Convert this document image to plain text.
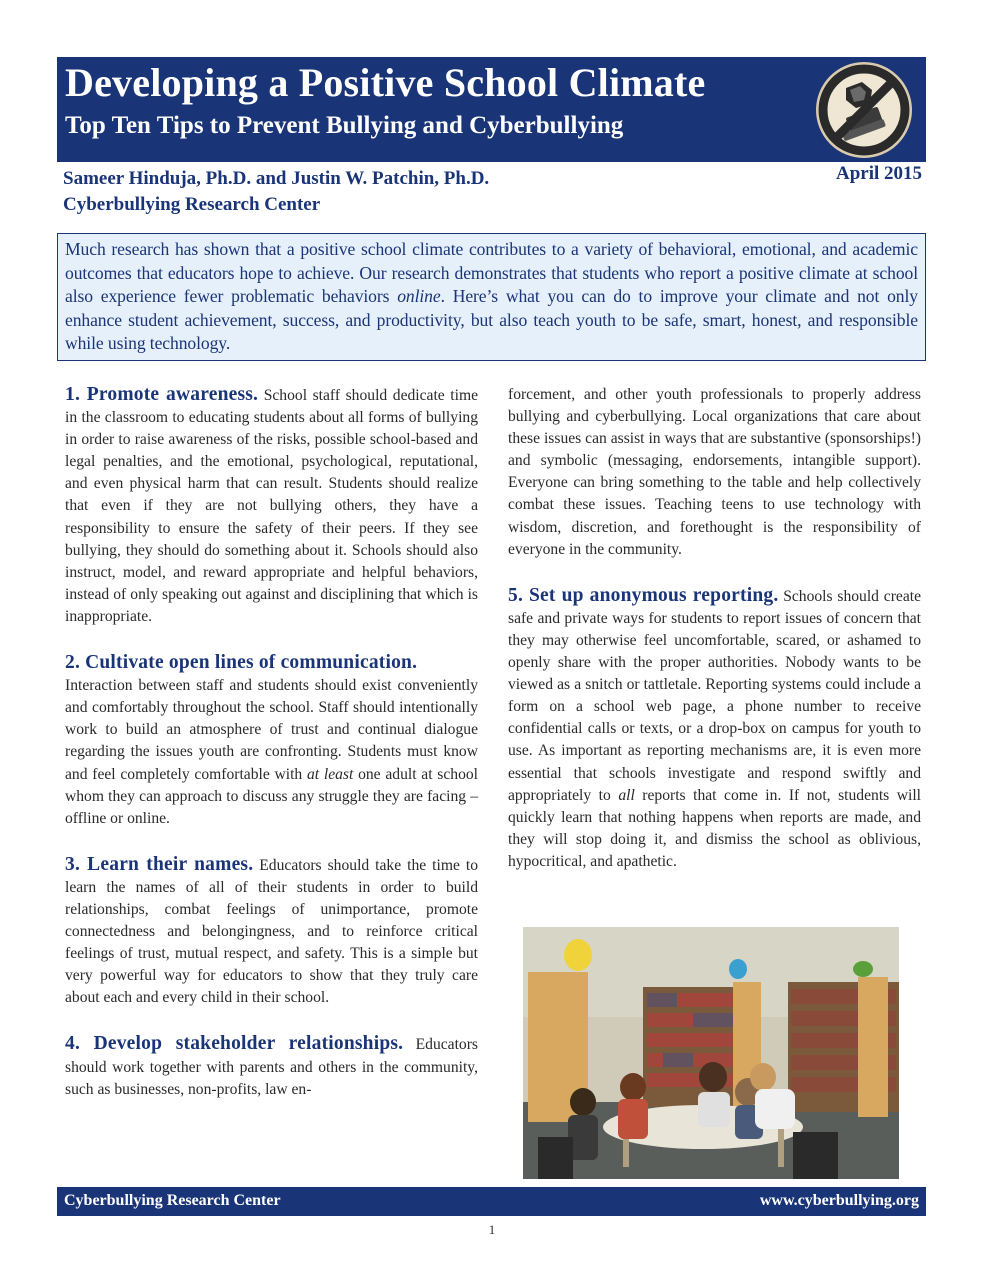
Developing a Positive School Climate
Top Ten Tips to Prevent Bullying and Cyberbullying
Sameer Hinduja, Ph.D. and Justin W. Patchin, Ph.D.
Cyberbullying Research Center
April 2015
Much research has shown that a positive school climate contributes to a variety of behavioral, emotional, and academic outcomes that educators hope to achieve. Our research demonstrates that students who report a positive climate at school also experience fewer problematic behaviors online. Here’s what you can do to improve your climate and not only enhance student achievement, success, and productivity, but also teach youth to be safe, smart, honest, and responsible while using technology.

1. Promote awareness. School staff should dedicate time in the classroom to educating students about all forms of bullying in order to raise awareness of the risks, possible school-based and legal penalties, and the emotional, psychological, reputational, and even physical harm that can result. Students should realize that even if they are not bullying others, they have a responsibility to ensure the safety of their peers. If they see bullying, they should do something about it. Schools should also instruct, model, and reward appropriate and helpful behaviors, instead of only speaking out against and disciplining that which is inappropriate.

2. Cultivate open lines of communication.
Interaction between staff and students should exist conveniently and comfortably throughout the school. Staff should intentionally work to build an atmosphere of trust and continual dialogue regarding the issues youth are confronting. Students must know and feel completely comfortable with at least one adult at school whom they can approach to discuss any struggle they are facing – offline or online.

3. Learn their names. Educators should take the time to learn the names of all of their students in order to build relationships, combat feelings of unimportance, promote connectedness and belongingness, and to reinforce critical feelings of trust, mutual respect, and safety. This is a simple but very powerful way for educators to show that they truly care about each and every child in their school.

4. Develop stakeholder relationships. Educators should work together with parents and others in the community, such as businesses, non-profits, law en-

forcement, and other youth professionals to properly address bullying and cyberbullying. Local organizations that care about these issues can assist in ways that are substantive (sponsorships!) and symbolic (messaging, endorsements, intangible support). Everyone can bring something to the table and help collectively combat these issues. Teaching teens to use technology with wisdom, discretion, and forethought is the responsibility of everyone in the community.

5. Set up anonymous reporting. Schools should create safe and private ways for students to report issues of concern that they may otherwise feel uncomfortable, scared, or ashamed to openly share with the proper authorities. Nobody wants to be viewed as a snitch or tattletale. Reporting systems could include a form on a school web page, a phone number to receive confidential calls or texts, or a drop-box on campus for youth to use. As important as reporting mechanisms are, it is even more essential that schools investigate and respond swiftly and appropriately to all reports that come in. If not, students will quickly learn that nothing happens when reports are made, and they will stop doing it, and dismiss the school as oblivious, hypocritical, and apathetic.

Cyberbullying Research Center	www.cyberbullying.org
1
